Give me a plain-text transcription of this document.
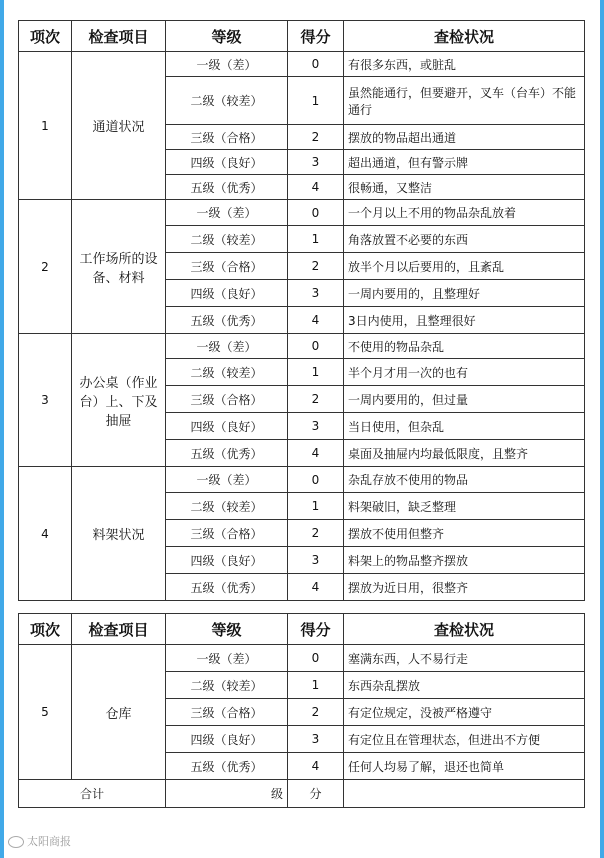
项次	检查项目	等级	得分	查检状况
1	通道状况	一级（差）	0	有很多东西，或脏乱
		二级（较差）	1	虽然能通行，但要避开，叉车（台车）不能通行
		三级（合格）	2	摆放的物品超出通道
		四级（良好）	3	超出通道，但有警示牌
		五级（优秀）	4	很畅通，又整洁
2	工作场所的设备、材料	一级（差）	0	一个月以上不用的物品杂乱放着
		二级（较差）	1	角落放置不必要的东西
		三级（合格）	2	放半个月以后要用的，且紊乱
		四级（良好）	3	一周内要用的，且整理好
		五级（优秀）	4	3日内使用，且整理很好
3	办公桌（作业台）上、下及抽屉	一级（差）	0	不使用的物品杂乱
		二级（较差）	1	半个月才用一次的也有
		三级（合格）	2	一周内要用的，但过量
		四级（良好）	3	当日使用，但杂乱
		五级（优秀）	4	桌面及抽屉内均最低限度，且整齐
4	料架状况	一级（差）	0	杂乱存放不使用的物品
		二级（较差）	1	料架破旧，缺乏整理
		三级（合格）	2	摆放不使用但整齐
		四级（良好）	3	料架上的物品整齐摆放
		五级（优秀）	4	摆放为近日用，很整齐
项次	检查项目	等级	得分	查检状况
5	仓库	一级（差）	0	塞满东西，人不易行走
		二级（较差）	1	东西杂乱摆放
		三级（合格）	2	有定位规定，没被严格遵守
		四级（良好）	3	有定位且在管理状态，但进出不方便
		五级（优秀）	4	任何人均易了解，退还也简单
合计		级	分	
太阳商报
